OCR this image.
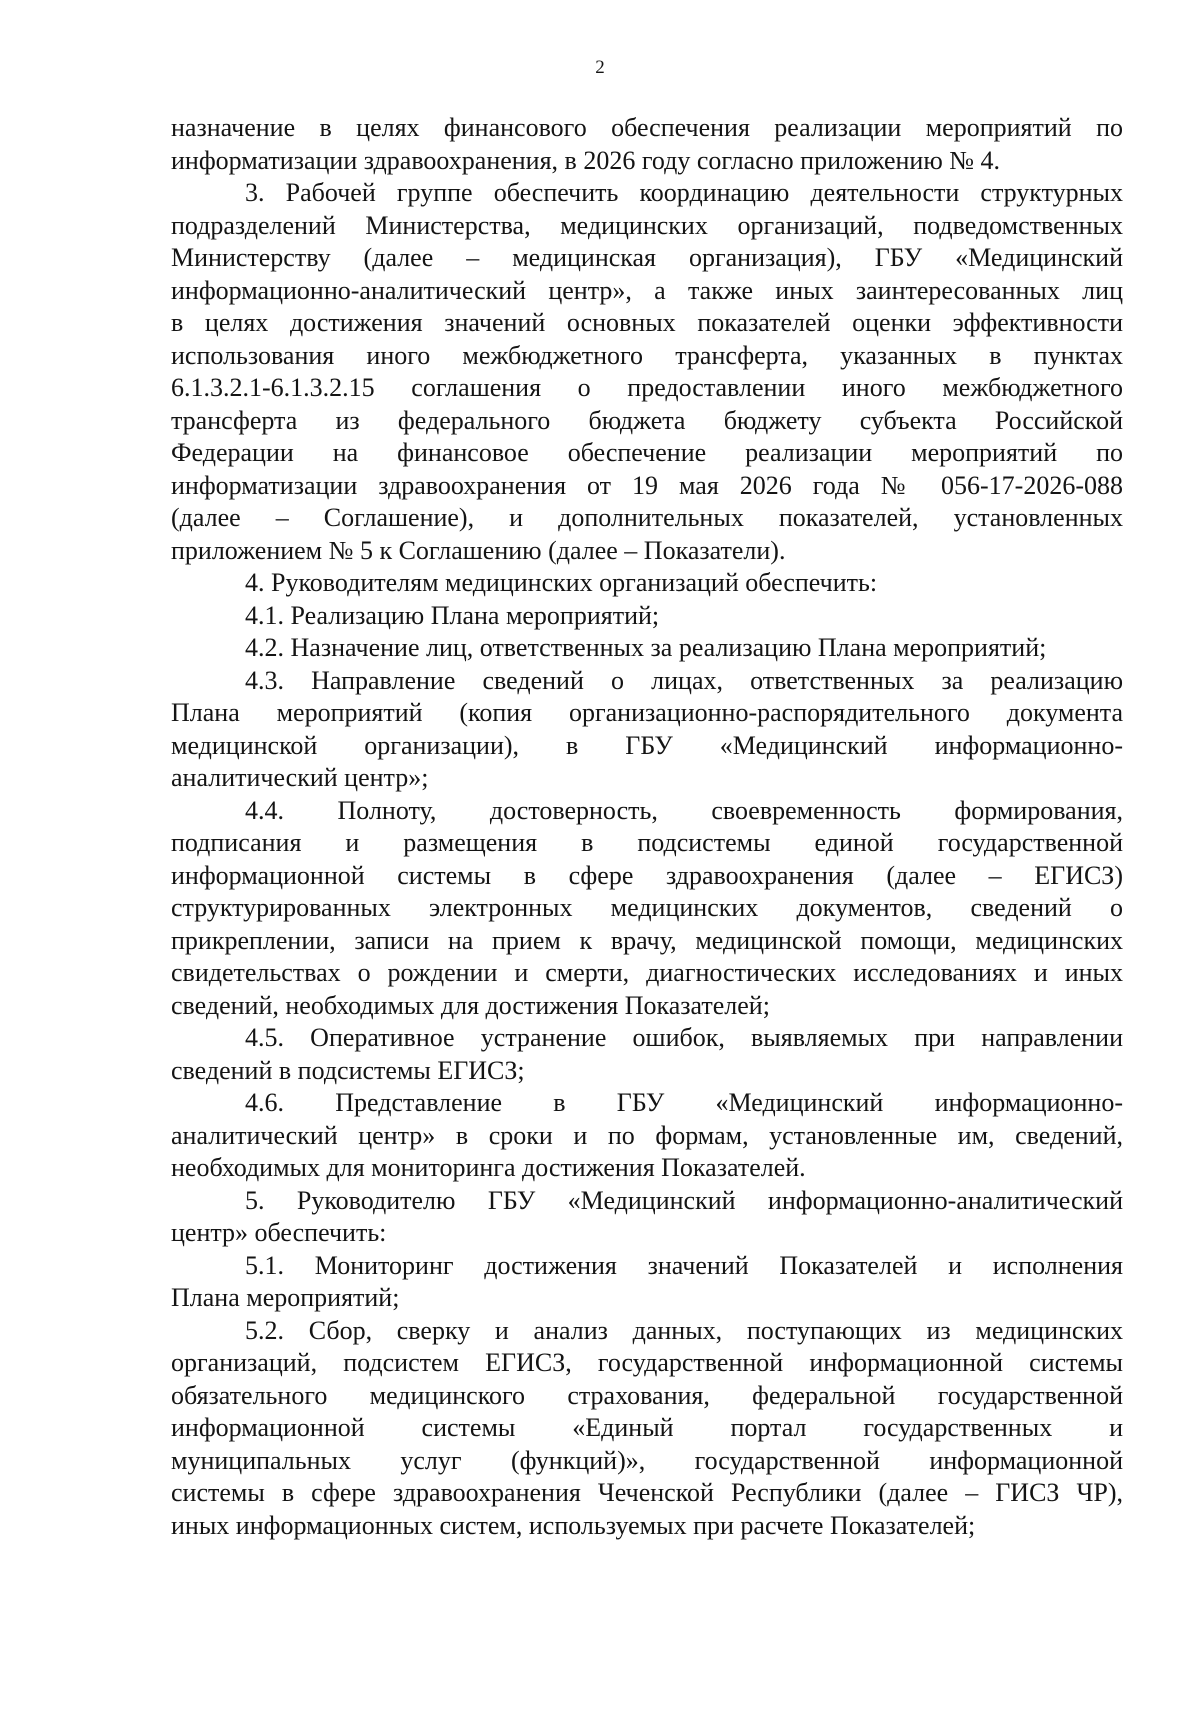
2
назначение в целях финансового обеспечения реализации мероприятий по
информатизации здравоохранения, в 2026 году согласно приложению № 4.
3. Рабочей группе обеспечить координацию деятельности структурных
подразделений Министерства, медицинских организаций, подведомственных
Министерству (далее – медицинская организация), ГБУ «Медицинский
информационно-аналитический центр», а также иных заинтересованных лиц
в целях достижения значений основных показателей оценки эффективности
использования иного межбюджетного трансферта, указанных в пунктах
6.1.3.2.1-6.1.3.2.15 соглашения о предоставлении иного межбюджетного
трансферта из федерального бюджета бюджету субъекта Российской
Федерации на финансовое обеспечение реализации мероприятий по
информатизации здравоохранения от 19 мая 2026 года № 056-17-2026-088
(далее – Соглашение), и дополнительных показателей, установленных
приложением № 5 к Соглашению (далее – Показатели).
4. Руководителям медицинских организаций обеспечить:
4.1. Реализацию Плана мероприятий;
4.2. Назначение лиц, ответственных за реализацию Плана мероприятий;
4.3. Направление сведений о лицах, ответственных за реализацию
Плана мероприятий (копия организационно-распорядительного документа
медицинской организации), в ГБУ «Медицинский информационно-
аналитический центр»;
4.4. Полноту, достоверность, своевременность формирования,
подписания и размещения в подсистемы единой государственной
информационной системы в сфере здравоохранения (далее – ЕГИСЗ)
структурированных электронных медицинских документов, сведений о
прикреплении, записи на прием к врачу, медицинской помощи, медицинских
свидетельствах о рождении и смерти, диагностических исследованиях и иных
сведений, необходимых для достижения Показателей;
4.5. Оперативное устранение ошибок, выявляемых при направлении
сведений в подсистемы ЕГИСЗ;
4.6. Представление в ГБУ «Медицинский информационно-
аналитический центр» в сроки и по формам, установленные им, сведений,
необходимых для мониторинга достижения Показателей.
5. Руководителю ГБУ «Медицинский информационно-аналитический
центр» обеспечить:
5.1. Мониторинг достижения значений Показателей и исполнения
Плана мероприятий;
5.2. Сбор, сверку и анализ данных, поступающих из медицинских
организаций, подсистем ЕГИСЗ, государственной информационной системы
обязательного медицинского страхования, федеральной государственной
информационной системы «Единый портал государственных и
муниципальных услуг (функций)», государственной информационной
системы в сфере здравоохранения Чеченской Республики (далее – ГИСЗ ЧР),
иных информационных систем, используемых при расчете Показателей;
